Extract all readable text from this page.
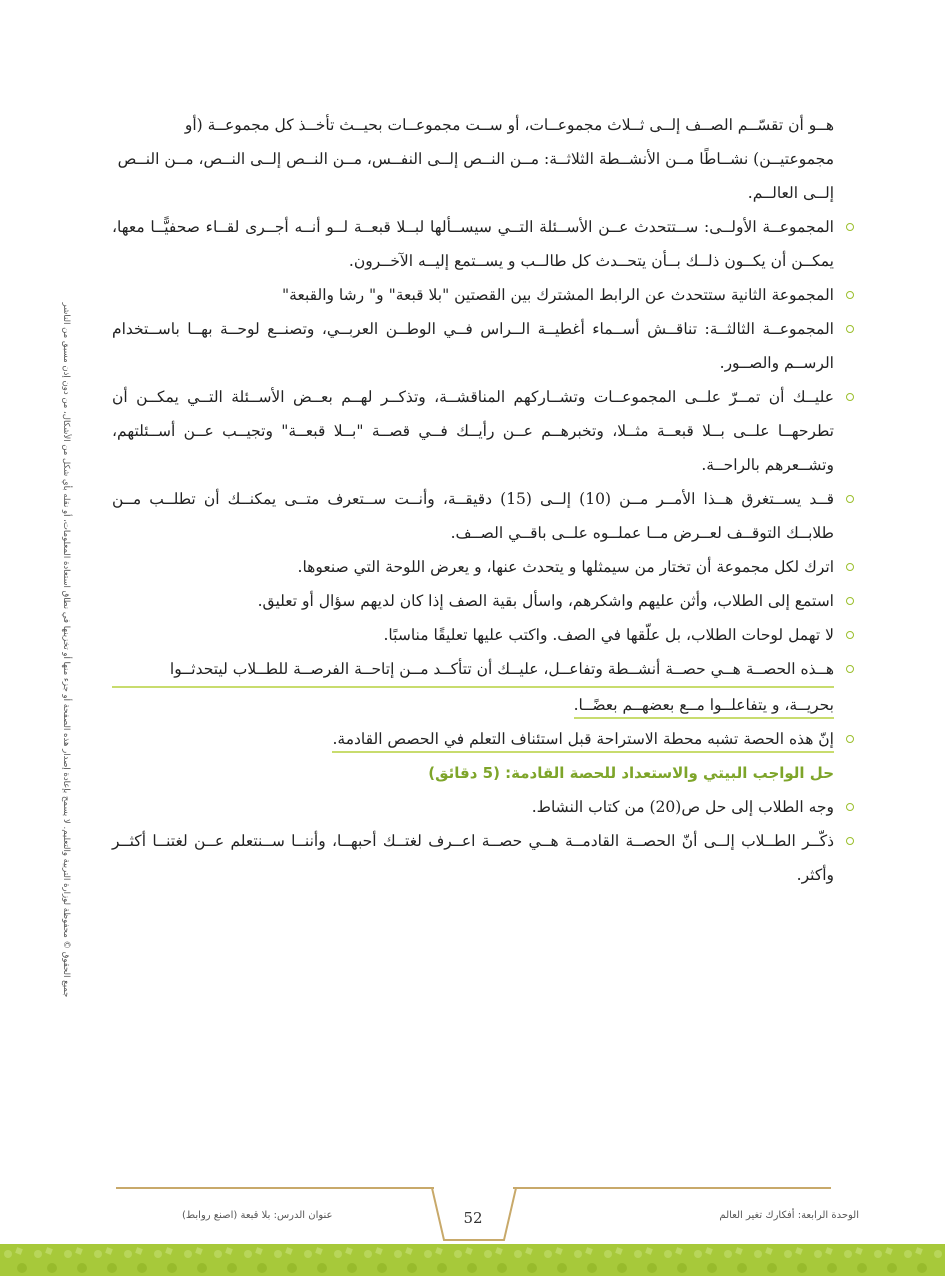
جميع الحقوق © محفوظة لوزارة التربية والتعليم. لا يسمح بإعادة إصدار هذه الصفحة أو جزء منها أو تخزينها في نطاق استعادة المعلومات، أو نقله بأي شكل من الأشكال، من دون إذن مسبق من الناشر

هــو أن تقسّــم الصــف إلــى ثــلاث مجموعــات، أو ســت مجموعــات بحيــث تأخــذ كل مجموعــة (أو

مجموعتيــن) نشــاطًا مــن الأنشــطة الثلاثــة: مــن النــص إلــى النفــس، مــن النــص إلــى النــص، مــن النــص

إلــى العالــم.

المجموعــة الأولــى: ســتتحدث عــن الأســئلة التــي سيســألها لبــلا قبعــة لــو أنــه أجــرى لقــاء صحفيًّــا معها، يمكــن أن يكــون ذلــك بــأن يتحــدث كل طالــب و يســتمع إليــه الآخــرون.
المجموعة الثانية ستتحدث عن الرابط المشترك بين القصتين "بلا قبعة" و" رشا والقبعة"
المجموعــة الثالثــة: تناقــش أســماء أغطيــة الــراس فــي الوطــن العربــي، وتصنــع لوحــة بهــا باســتخدام الرســم والصــور.
عليــك أن تمــرّ علــى المجموعــات وتشــاركهم المناقشــة، وتذكــر لهــم بعــض الأســئلة التــي يمكــن أن تطرحهــا علــى بــلا قبعــة مثــلا، وتخبرهــم عــن رأيــك فــي قصــة "بــلا قبعــة" وتجيــب عــن أســئلتهم، وتشــعرهم بالراحــة.
قــد يســتغرق هــذا الأمــر مــن (10) إلــى (15) دقيقــة، وأنــت ســتعرف متــى يمكنــك أن تطلــب مــن طلابــك التوقــف لعــرض مــا عملــوه علــى باقــي الصــف.
اترك لكل مجموعة أن تختار من سيمثلها و يتحدث عنها، و يعرض اللوحة التي صنعوها.
استمع إلى الطلاب، وأثن عليهم واشكرهم، واسأل بقية الصف إذا كان لديهم سؤال أو تعليق.
لا تهمل لوحات الطلاب، بل علّقها في الصف. واكتب عليها تعليقًا مناسبًا.
هــذه الحصــة هــي حصــة أنشــطة وتفاعــل، عليــك أن تتأكــد مــن إتاحــة الفرصــة للطــلاب ليتحدثــوا
بحريــة، و يتفاعلــوا مــع بعضهــم بعضًــا.
إنّ هذه الحصة تشبه محطة الاستراحة قبل استئناف التعلم في الحصص القادمة.

حل الواجب البيتي والاستعداد للحصة القادمة: (5 دقائق)

وجه الطلاب إلى حل ص(20) من كتاب النشاط.
ذكّــر الطــلاب إلــى أنّ الحصــة القادمــة هــي حصــة اعــرف لغتــك أحبهــا، وأننــا ســنتعلم عــن لغتنــا أكثــر وأكثر.
52	الوحدة الرابعة: أفكارك تغير العالم
عنوان الدرس: بلا قبعة (اصنع روابط)
